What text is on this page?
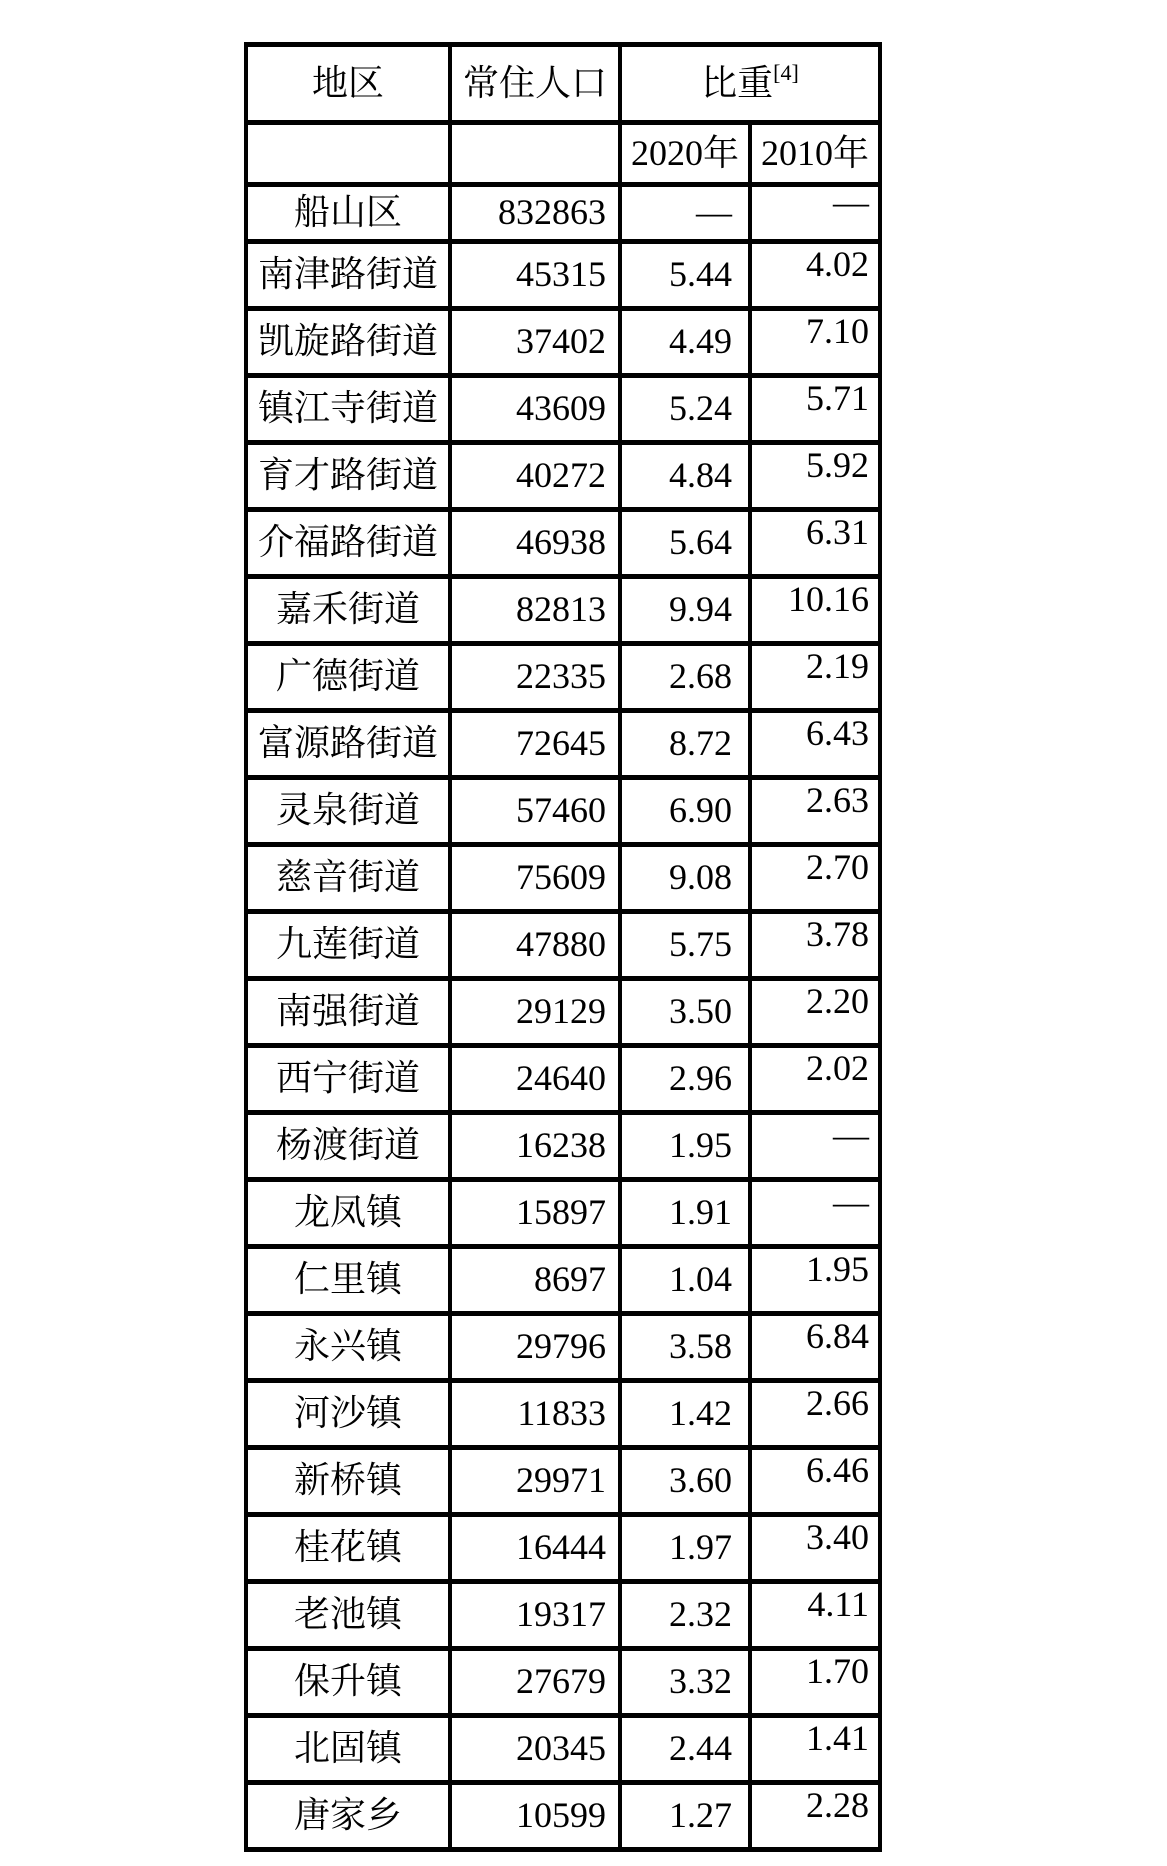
地区	常住人口	比重[4]
		2020年	2010年
船山区	832863	—	—
南津路街道	45315	5.44	4.02
凯旋路街道	37402	4.49	7.10
镇江寺街道	43609	5.24	5.71
育才路街道	40272	4.84	5.92
介福路街道	46938	5.64	6.31
嘉禾街道	82813	9.94	10.16
广德街道	22335	2.68	2.19
富源路街道	72645	8.72	6.43
灵泉街道	57460	6.90	2.63
慈音街道	75609	9.08	2.70
九莲街道	47880	5.75	3.78
南强街道	29129	3.50	2.20
西宁街道	24640	2.96	2.02
杨渡街道	16238	1.95	—
龙凤镇	15897	1.91	—
仁里镇	8697	1.04	1.95
永兴镇	29796	3.58	6.84
河沙镇	11833	1.42	2.66
新桥镇	29971	3.60	6.46
桂花镇	16444	1.97	3.40
老池镇	19317	2.32	4.11
保升镇	27679	3.32	1.70
北固镇	20345	2.44	1.41
唐家乡	10599	1.27	2.28
